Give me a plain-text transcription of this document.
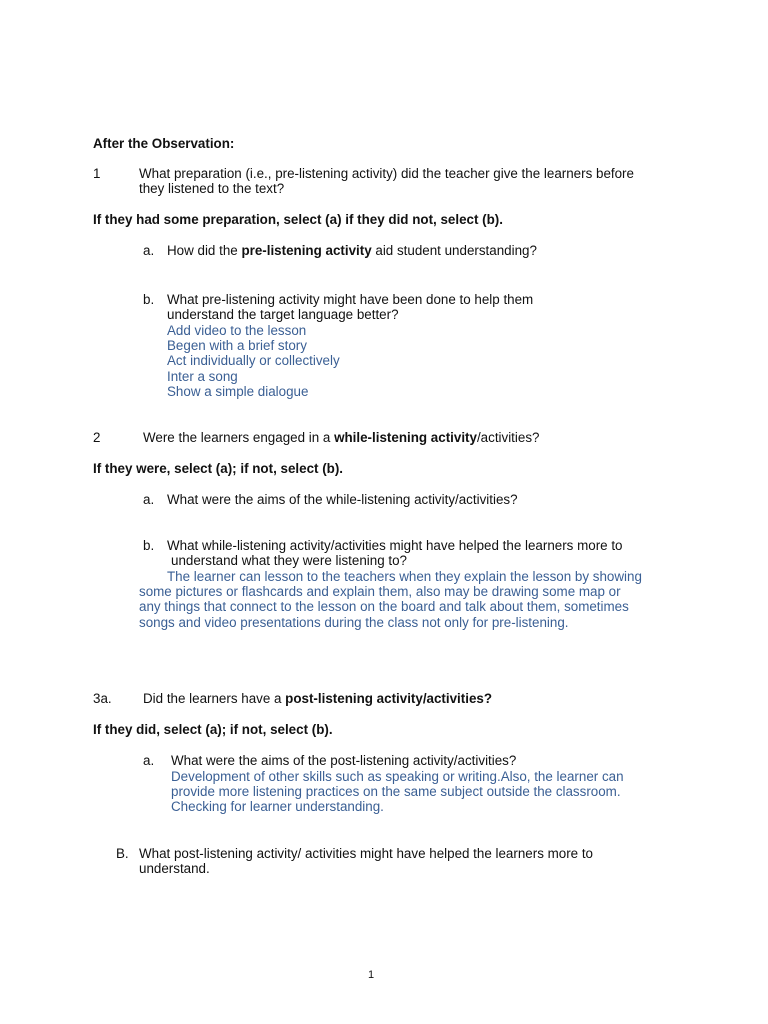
After the Observation:

1	What preparation (i.e., pre-listening activity) did the teacher give the learners before

they listened to the text?

If they had some preparation, select (a) if they did not, select (b).

a. How did the pre-listening activity aid student understanding?

b. What pre-listening activity might have been done to help them

understand the target language better?

Add video to the lesson

Begen with a brief story

Act individually or collectively

Inter a song

Show a simple dialogue

2	Were the learners engaged in a while-listening activity/activities?

If they were, select (a); if not, select (b).

a. What were the aims of the while-listening activity/activities?

b. What while-listening activity/activities might have helped the learners more to

understand what they were listening to?

The learner can lesson to the teachers when they explain the lesson by showing

some pictures or flashcards and explain them, also may be drawing some map or

any things that connect to the lesson on the board and talk about them, sometimes

songs and video presentations during the class not only for pre-listening.

3a. Did the learners have a post-listening activity/activities?

If they did, select (a); if not, select (b).

a. What were the aims of the post-listening activity/activities?

Development of other skills such as speaking or writing.Also, the learner can

provide more listening practices on the same subject outside the classroom.

Checking for learner understanding.

B. What post-listening activity/ activities might have helped the learners more to

understand.

1
